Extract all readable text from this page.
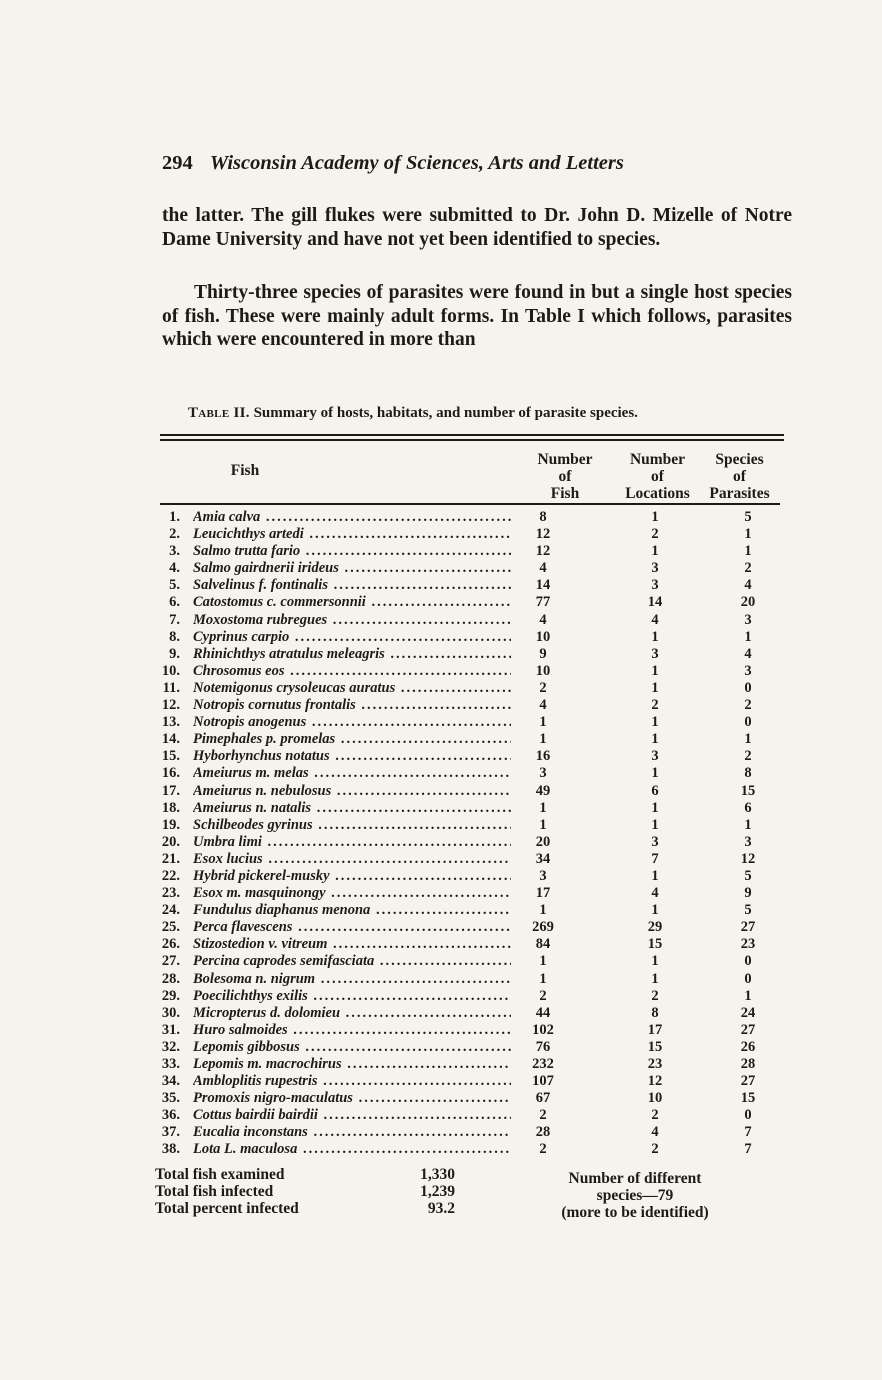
294 Wisconsin Academy of Sciences, Arts and Letters
the latter. The gill flukes were submitted to Dr. John D. Mizelle of Notre Dame University and have not yet been identified to species.
Thirty-three species of parasites were found in but a single host species of fish. These were mainly adult forms. In Table I which follows, parasites which were encountered in more than
Table II. Summary of hosts, habitats, and number of parasite species.
Fish
Number
of
Fish
Number
of
Locations
Species
of
Parasites
1. Amia calva .....	8	1	5
2. Leucichthys artedi .....	12	2	1
3. Salmo trutta fario .....	12	1	1
4. Salmo gairdnerii irideus .....	4	3	2
5. Salvelinus f. fontinalis .....	14	3	4
6. Catostomus c. commersonnii .....	77	14	20
7. Moxostoma rubregues .....	4	4	3
8. Cyprinus carpio .....	10	1	1
9. Rhinichthys atratulus meleagris .....	9	3	4
10. Chrosomus eos .....	10	1	3
11. Notemigonus crysoleucas auratus .....	2	1	0
12. Notropis cornutus frontalis .....	4	2	2
13. Notropis anogenus .....	1	1	0
14. Pimephales p. promelas .....	1	1	1
15. Hyborhynchus notatus .....	16	3	2
16. Ameiurus m. melas .....	3	1	8
17. Ameiurus n. nebulosus .....	49	6	15
18. Ameiurus n. natalis .....	1	1	6
19. Schilbeodes gyrinus .....	1	1	1
20. Umbra limi .....	20	3	3
21. Esox lucius .....	34	7	12
22. Hybrid pickerel-musky .....	3	1	5
23. Esox m. masquinongy .....	17	4	9
24. Fundulus diaphanus menona .....	1	1	5
25. Perca flavescens .....	269	29	27
26. Stizostedion v. vitreum .....	84	15	23
27. Percina caprodes semifasciata .....	1	1	0
28. Bolesoma n. nigrum .....	1	1	0
29. Poecilichthys exilis .....	2	2	1
30. Micropterus d. dolomieu .....	44	8	24
31. Huro salmoides .....	102	17	27
32. Lepomis gibbosus .....	76	15	26
33. Lepomis m. macrochirus .....	232	23	28
34. Ambloplitis rupestris .....	107	12	27
35. Promoxis nigro-maculatus .....	67	10	15
36. Cottus bairdii bairdii .....	2	2	0
37. Eucalia inconstans .....	28	4	7
38. Lota L. maculosa .....	2	2	7
Total fish examined	1,330
Total fish infected	1,239
Total percent infected	93.2
Number of different
species—79
(more to be identified)
